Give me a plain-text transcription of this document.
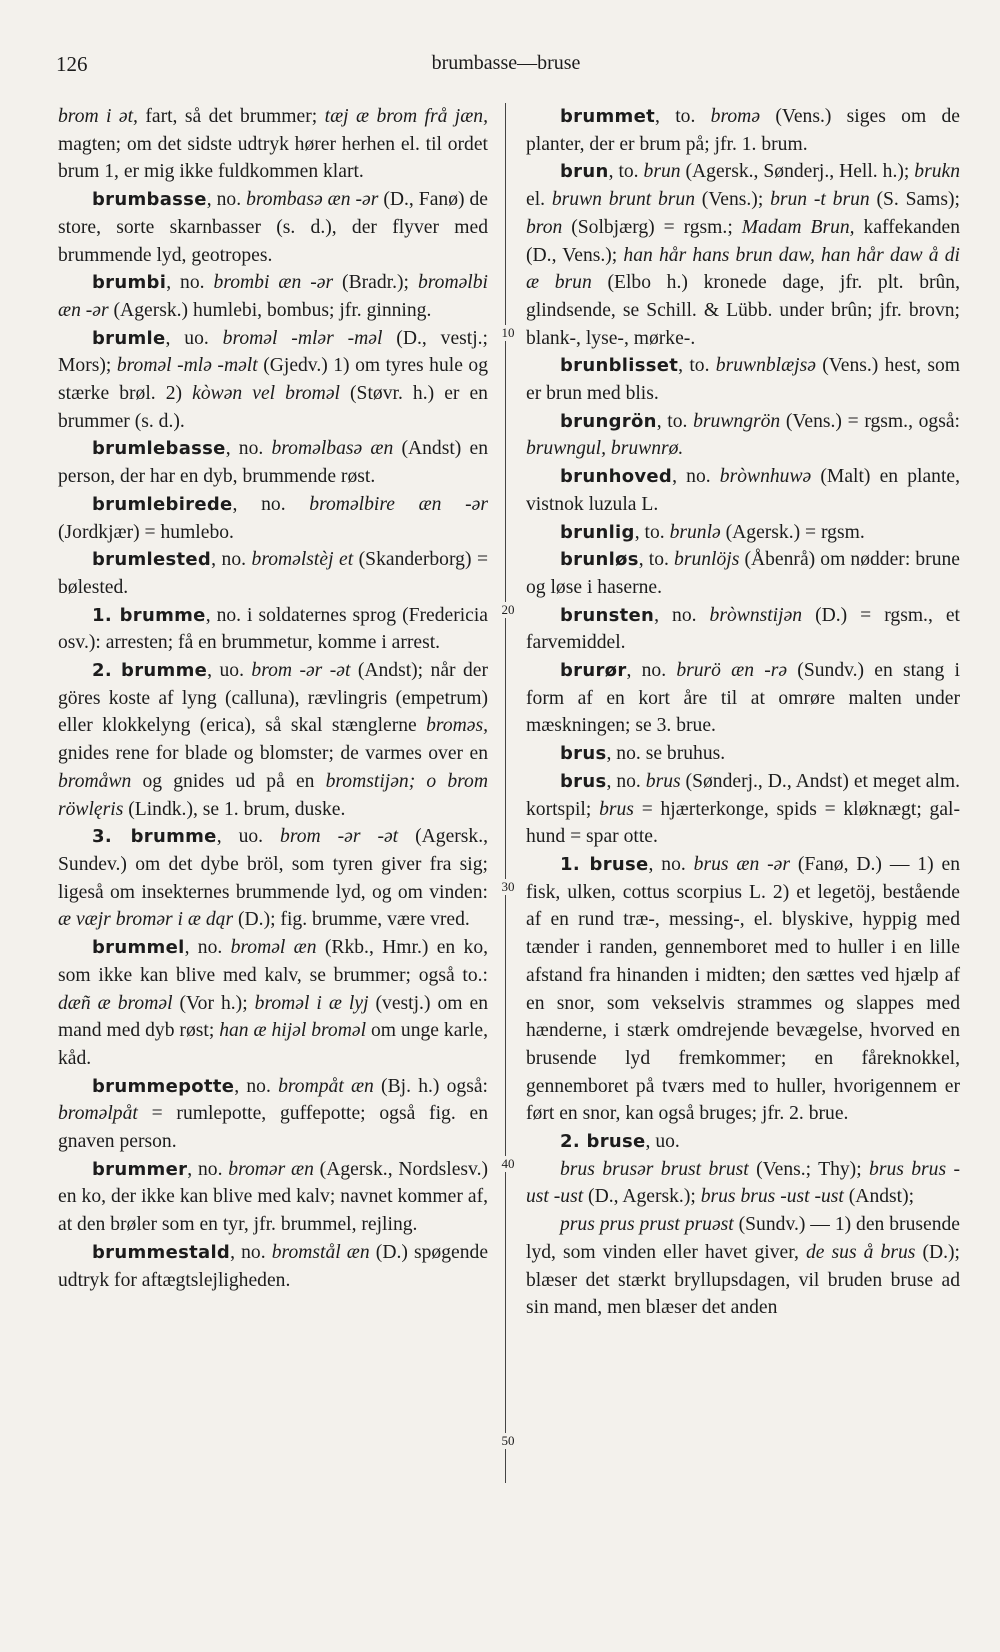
126	brumbasse—bruse

brom i ət, fart, så det brummer; tæj æ brom frå jæn, magten; om det sidste udtryk hører herhen el. til ordet brum 1, er mig ikke fuldkommen klart.

brumbasse, no. brombasə æn -ər (D., Fanø) de store, sorte skarnbasser (s. d.), der flyver med brummende lyd, geotropes.

brumbi, no. brombi æn -ər (Bradr.); broməlbi æn -ər (Agersk.) humlebi, bombus; jfr. ginning.

brumle, uo. bromǝl -mlǝr -mǝl (D., vestj.; Mors); bromǝl -mlǝ -mǝlt (Gjedv.) 1) om tyres hule og stærke brøl. 2) kòwən vel bromǝl (Støvr. h.) er en brummer (s. d.).

brumlebasse, no. bromǝlbasǝ æn (Andst) en person, der har en dyb, brummende røst.

brumlebirede, no. bromǝlbire æn -ǝr (Jordkjær) = humlebo.

brumlested, no. bromǝlstèj et (Skanderborg) = bølested.

1. brumme, no. i soldaternes sprog (Fredericia osv.): arresten; få en brummetur, komme i arrest.

2. brumme, uo. brom -ǝr -ǝt (Andst); når der göres koste af lyng (calluna), rævlingris (empetrum) eller klokkelyng (erica), så skal stænglerne bromǝs, gnides rene for blade og blomster; de varmes over en bromåwn og gnides ud på en bromstijǝn; o brom röwlęris (Lindk.), se 1. brum, duske.

3. brumme, uo. brom -ǝr -ǝt (Agersk., Sundev.) om det dybe bröl, som tyren giver fra sig; ligeså om insekternes brummende lyd, og om vinden: æ væjr bromǝr i æ dąr (D.); fig. brumme, være vred.

brummel, no. bromǝl æn (Rkb., Hmr.) en ko, som ikke kan blive med kalv, se brummer; også to.: dæñ æ bromǝl (Vor h.); bromǝl i æ lyj (vestj.) om en mand med dyb røst; han æ hijǝl bromǝl om unge karle, kåd.

brummepotte, no. brompåt æn (Bj. h.) også: bromǝlpåt = rumlepotte, guffepotte; også fig. en gnaven person.

brummer, no. bromǝr æn (Agersk., Nordslesv.) en ko, der ikke kan blive med kalv; navnet kommer af, at den brøler som en tyr, jfr. brummel, rejling.

brummestald, no. bromstål æn (D.) spøgende udtryk for aftægtslejligheden.

brummet, to. bromǝ (Vens.) siges om de planter, der er brum på; jfr. 1. brum.

brun, to. brun (Agersk., Sønderj., Hell. h.); brukn el. bruwn brunt brun (Vens.); brun -t brun (S. Sams); bron (Solbjærg) = rgsm.; Madam Brun, kaffekanden (D., Vens.); han hår hans brun daw, han hår daw å di æ brun (Elbo h.) kronede dage, jfr. plt. brûn, glindsende, se Schill. & Lübb. under brûn; jfr. brovn; blank-, lyse-, mørke-.

brunblisset, to. bruwnblæjsǝ (Vens.) hest, som er brun med blis.

brungrön, to. bruwngrön (Vens.) = rgsm., også: bruwngul, bruwnrø.

brunhoved, no. bròwnhuwǝ (Malt) en plante, vistnok luzula L.

brunlig, to. brunlǝ (Agersk.) = rgsm.

brunløs, to. brunlöjs (Åbenrå) om nødder: brune og løse i haserne.

brunsten, no. bròwnstijǝn (D.) = rgsm., et farvemiddel.

brurør, no. brurö æn -rǝ (Sundv.) en stang i form af en kort åre til at omrøre malten under mæskningen; se 3. brue.

brus, no. se bruhus.

brus, no. brus (Sønderj., D., Andst) et meget alm. kortspil; brus = hjærterkonge, spids = kløknægt; gal-hund = spar otte.

1. bruse, no. brus æn -ǝr (Fanø, D.) — 1) en fisk, ulken, cottus scorpius L. 2) et legetöj, bestående af en rund træ-, messing-, el. blyskive, hyppig med tænder i randen, gennemboret med to huller i en lille afstand fra hinanden i midten; den sættes ved hjælp af en snor, som vekselvis strammes og slappes med hænderne, i stærk omdrejende bevægelse, hvorved en brusende lyd fremkommer; en fåreknokkel, gennemboret på tværs med to huller, hvorigennem er ført en snor, kan også bruges; jfr. 2. brue.

2. bruse, uo.

brus brusǝr brust brust (Vens.; Thy); brus brus -ust -ust (D., Agersk.); brus brus -ust -ust (Andst);

prus prus prust pruǝst (Sundv.) — 1) den brusende lyd, som vinden eller havet giver, de sus å brus (D.); blæser det stærkt bryllupsdagen, vil bruden bruse ad sin mand, men blæser det anden

10
20
30
40
50
